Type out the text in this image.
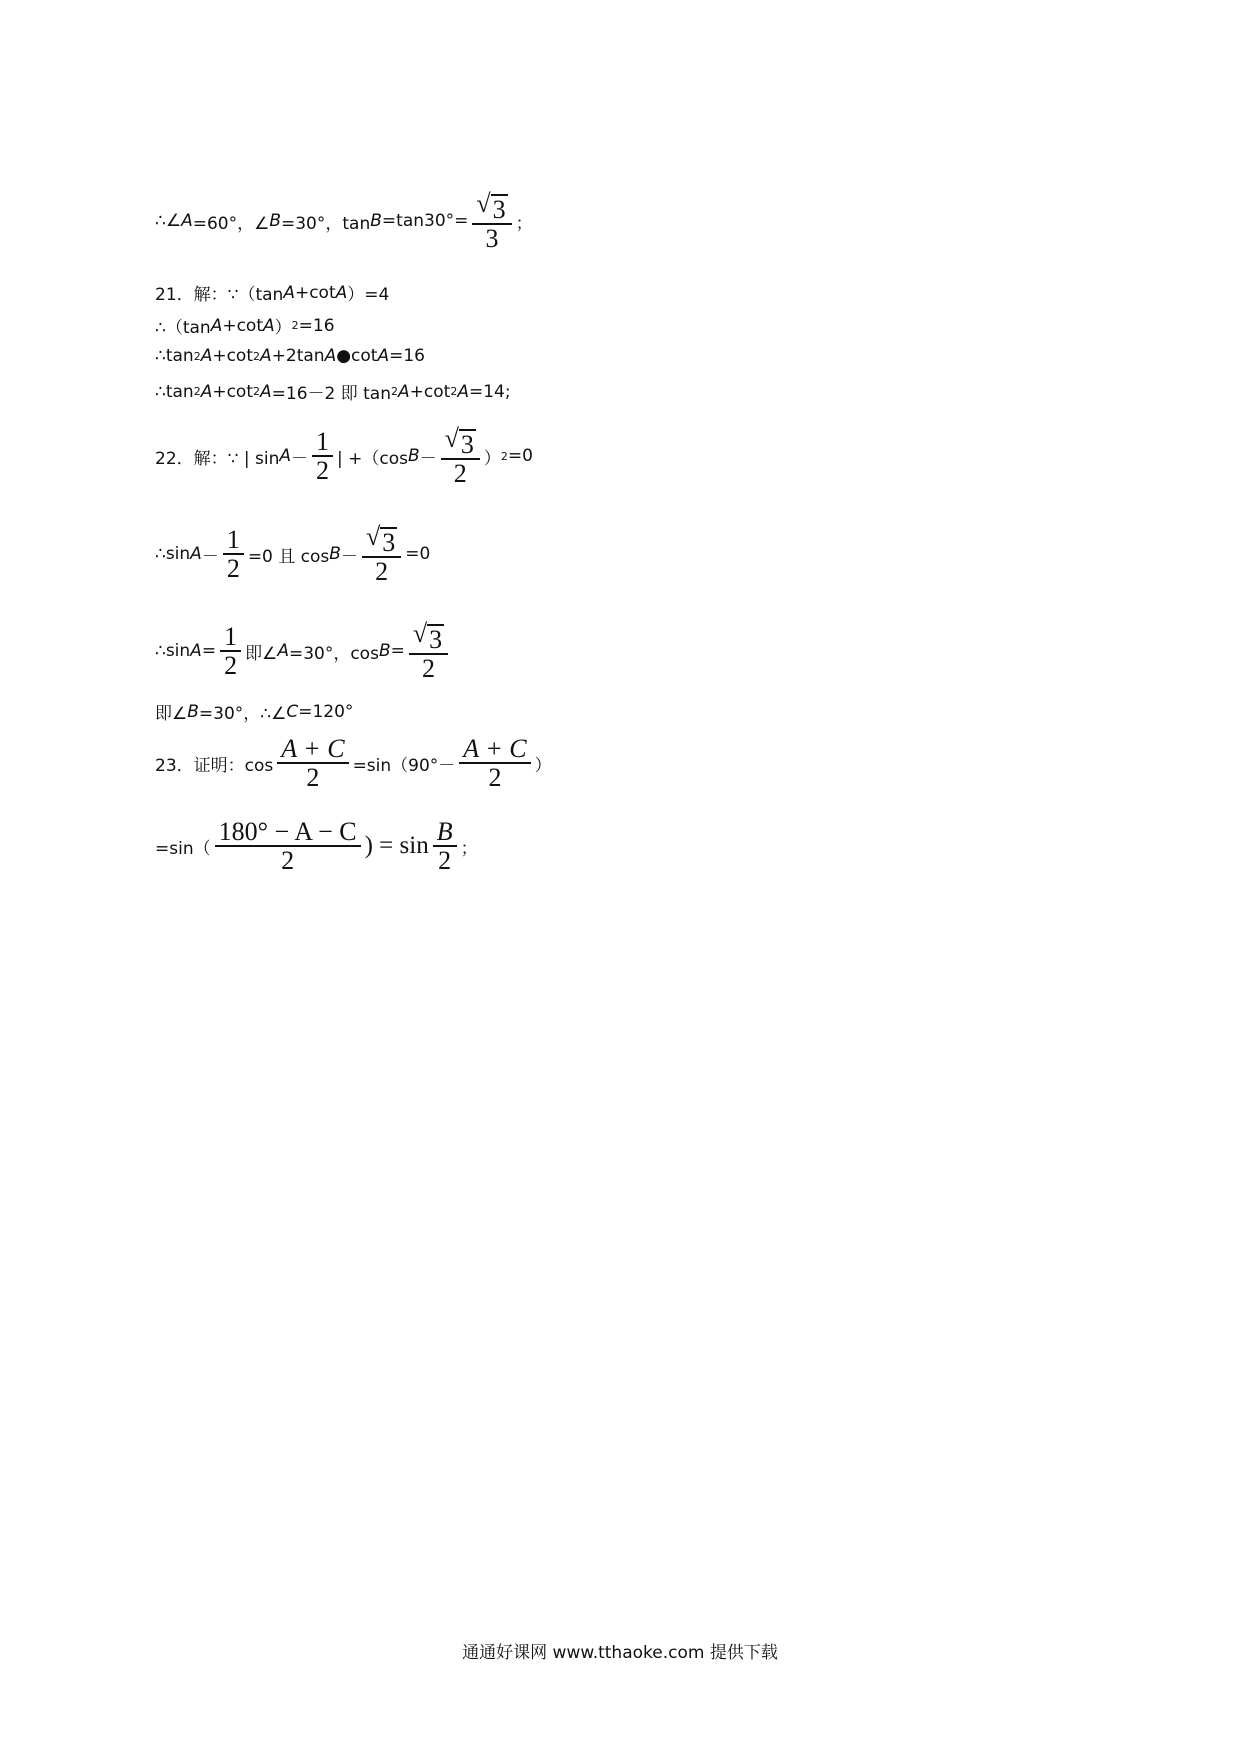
∴∠ A =60°，∠ B =30°，$\tan B =\tan 30^\circ= \frac{√ 3}{3}$ ；
21．解：∵（tan A +cot A ）=4
∴（tan A +cot A ） 2 =16
∴tan 2 A +cot 2 A +2tan A ●cot A =16
∴tan 2 A +cot 2 A =16－2 即 tan 2 A +cot 2 A =14;
22．解：∵ | $\sin A - \frac{1}{2}$ | +（cos $B - \frac{√ 3}{2}$ ） 2 =0
∴sin $A - \frac{1}{2} =0$ 且 $\cos B - \frac{√ 3}{2} =0$
∴sin $A = \frac{1}{2}$ 即∠ A =30°，$\cos B = \frac{√ 3}{2}$
即∠ B =30°，∴∠ C =120°
23．证明：$\cos \frac{A + C}{2} =\sin(90^\circ- \frac{A + C}{2}$ ）
$=\sin( \frac{180^\circ - A - C}{2}$ ) = $\sin \frac{B}{2}$ ；
通通好课网 www.tthaoke.com 提供下载
